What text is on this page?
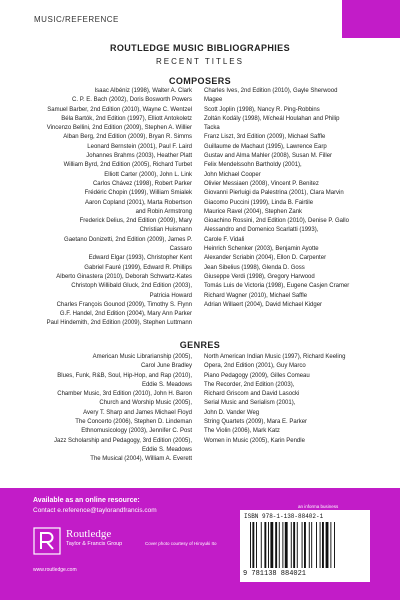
MUSIC/REFERENCE
ROUTLEDGE MUSIC BIBLIOGRAPHIES
RECENT TITLES
COMPOSERS
Isaac Albéniz (1998), Walter A. Clark
C. P. E. Bach (2002), Doris Bosworth Powers
Samuel Barber, 2nd Edition (2010), Wayne C. Wentzel
Béla Bartók, 2nd Edition (1997), Elliott Antokoletz
Vincenzo Bellini, 2nd Edition (2009), Stephen A. Willier
Alban Berg, 2nd Edition (2009), Bryan R. Simms
Leonard Bernstein (2001), Paul F. Laird
Johannes Brahms (2003), Heather Platt
William Byrd, 2nd Edition (2005), Richard Turbet
Elliott Carter (2000), John L. Link
Carlos Chávez (1998), Robert Parker
Frédéric Chopin (1999), William Smialek
Aaron Copland (2001), Marta Robertson
and Robin Armstrong
Frederick Delius, 2nd Edition (2009), Mary
Christian Huismann
Gaetano Donizetti, 2nd Edition (2009), James P.
Cassaro
Edward Elgar (1993), Christopher Kent
Gabriel Fauré (1999), Edward R. Phillips
Alberto Ginastera (2010), Deborah Schwartz-Kates
Christoph Willibald Gluck, 2nd Edition (2003),
Patricia Howard
Charles François Gounod (2009), Timothy S. Flynn
G.F. Handel, 2nd Edition (2004), Mary Ann Parker
Paul Hindemith, 2nd Edition (2009), Stephen Luttmann
Charles Ives, 2nd Edition (2010), Gayle Sherwood
Magee
Scott Joplin (1998), Nancy R. Ping-Robbins
Zoltán Kodály (1998), Mícheál Houlahan and Philip
Tacka
Franz Liszt, 3rd Edition (2009), Michael Saffle
Guillaume de Machaut (1995), Lawrence Earp
Gustav and Alma Mahler (2008), Susan M. Filler
Felix Mendelssohn Bartholdy (2001),
John Michael Cooper
Olivier Messiaen (2008), Vincent P. Benitez
Giovanni Pierluigi da Palestrina (2001), Clara Marvin
Giacomo Puccini (1999), Linda B. Fairtile
Maurice Ravel (2004), Stephen Zank
Gioachino Rossini, 2nd Edition (2010), Denise P. Gallo
Alessandro and Domenico Scarlatti (1993),
Carole F. Vidali
Heinrich Schenker (2003), Benjamin Ayotte
Alexander Scriabin (2004), Ellon D. Carpenter
Jean Sibelius (1998), Glenda D. Goss
Giuseppe Verdi (1998), Gregory Harwood
Tomás Luis de Victoria (1998), Eugene Casjen Cramer
Richard Wagner (2010), Michael Saffle
Adrian Willaert (2004), David Michael Kidger
GENRES
American Music Librarianship (2005),
Carol June Bradley
Blues, Funk, R&B, Soul, Hip-Hop, and Rap (2010),
Eddie S. Meadows
Chamber Music, 3rd Edition (2010), John H. Baron
Church and Worship Music (2005),
Avery T. Sharp and James Michael Floyd
The Concerto (2006), Stephen D. Lindeman
Ethnomusicology (2003), Jennifer C. Post
Jazz Scholarship and Pedagogy, 3rd Edition (2005),
Eddie S. Meadows
The Musical (2004), William A. Everett
North American Indian Music (1997), Richard Keeling
Opera, 2nd Edition (2001), Guy Marco
Piano Pedagogy (2009), Gilles Comeau
The Recorder, 2nd Edition (2003),
Richard Griscom and David Lasocki
Serial Music and Serialism (2001),
John D. Vander Weg
String Quartets (2009), Mara E. Parker
The Violin (2006), Mark Katz
Women in Music (2005), Karin Pendle
Available as an online resource:
Contact e.reference@taylorandfrancis.com
Routledge
Taylor & Francis Group
www.routledge.com
Cover photo courtesy of Hiroyuki Ito
an informa business
ISBN 978-1-138-88402-1
9 781138 884021
